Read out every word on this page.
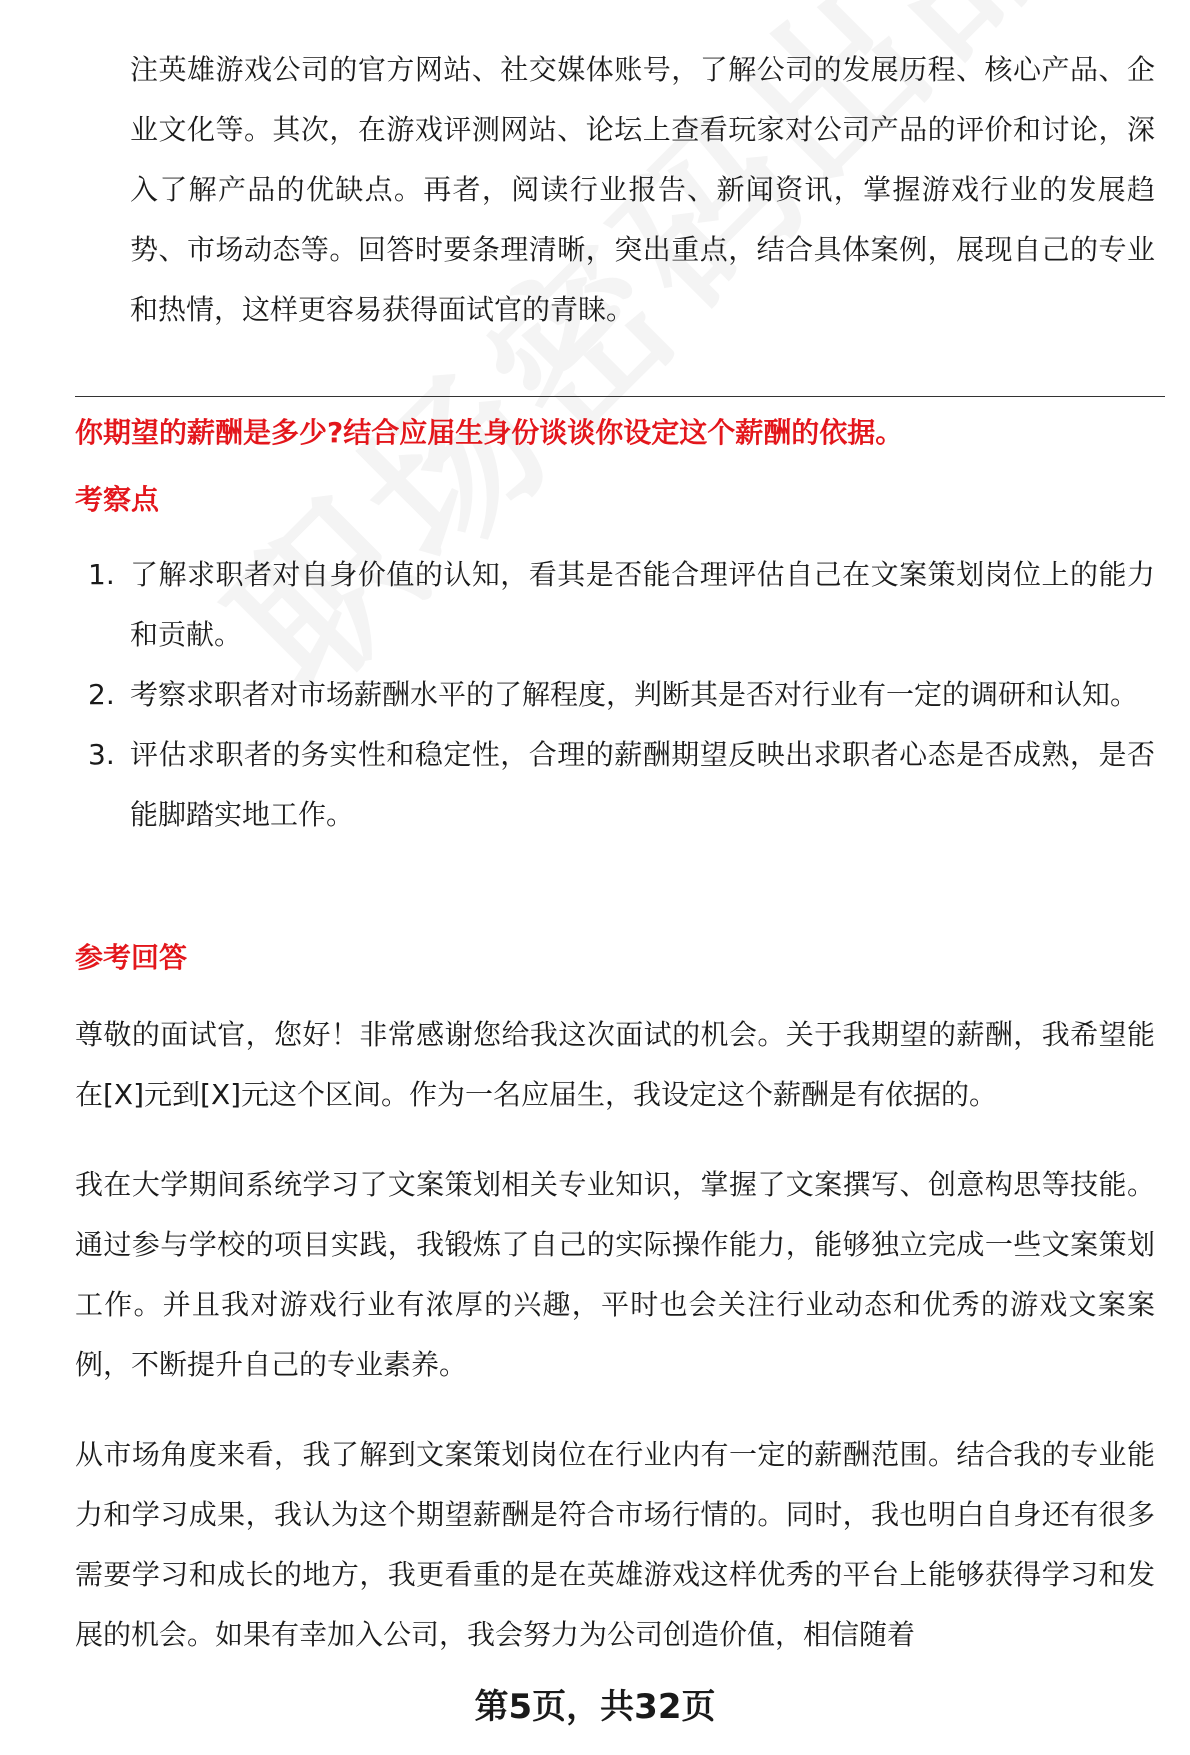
注英雄游戏公司的官方网站、社交媒体账号，了解公司的发展历程、核心产品、企业文化等。其次，在游戏评测网站、论坛上查看玩家对公司产品的评价和讨论，深入了解产品的优缺点。再者，阅读行业报告、新闻资讯，掌握游戏行业的发展趋势、市场动态等。回答时要条理清晰，突出重点，结合具体案例，展现自己的专业和热情，这样更容易获得面试官的青睐。

你期望的薪酬是多少?结合应届生身份谈谈你设定这个薪酬的依据。
考察点
1. 了解求职者对自身价值的认知，看其是否能合理评估自己在文案策划岗位上的能力和贡献。
2. 考察求职者对市场薪酬水平的了解程度，判断其是否对行业有一定的调研和认知。
3. 评估求职者的务实性和稳定性，合理的薪酬期望反映出求职者心态是否成熟，是否能脚踏实地工作。
参考回答

尊敬的面试官，您好！非常感谢您给我这次面试的机会。关于我期望的薪酬，我希望能在[X]元到[X]元这个区间。作为一名应届生，我设定这个薪酬是有依据的。

我在大学期间系统学习了文案策划相关专业知识，掌握了文案撰写、创意构思等技能。通过参与学校的项目实践，我锻炼了自己的实际操作能力，能够独立完成一些文案策划工作。并且我对游戏行业有浓厚的兴趣，平时也会关注行业动态和优秀的游戏文案案例，不断提升自己的专业素养。

从市场角度来看，我了解到文案策划岗位在行业内有一定的薪酬范围。结合我的专业能力和学习成果，我认为这个期望薪酬是符合市场行情的。同时，我也明白自身还有很多需要学习和成长的地方，我更看重的是在英雄游戏这样优秀的平台上能够获得学习和发展的机会。如果有幸加入公司，我会努力为公司创造价值，相信随着

第5页，共32页
